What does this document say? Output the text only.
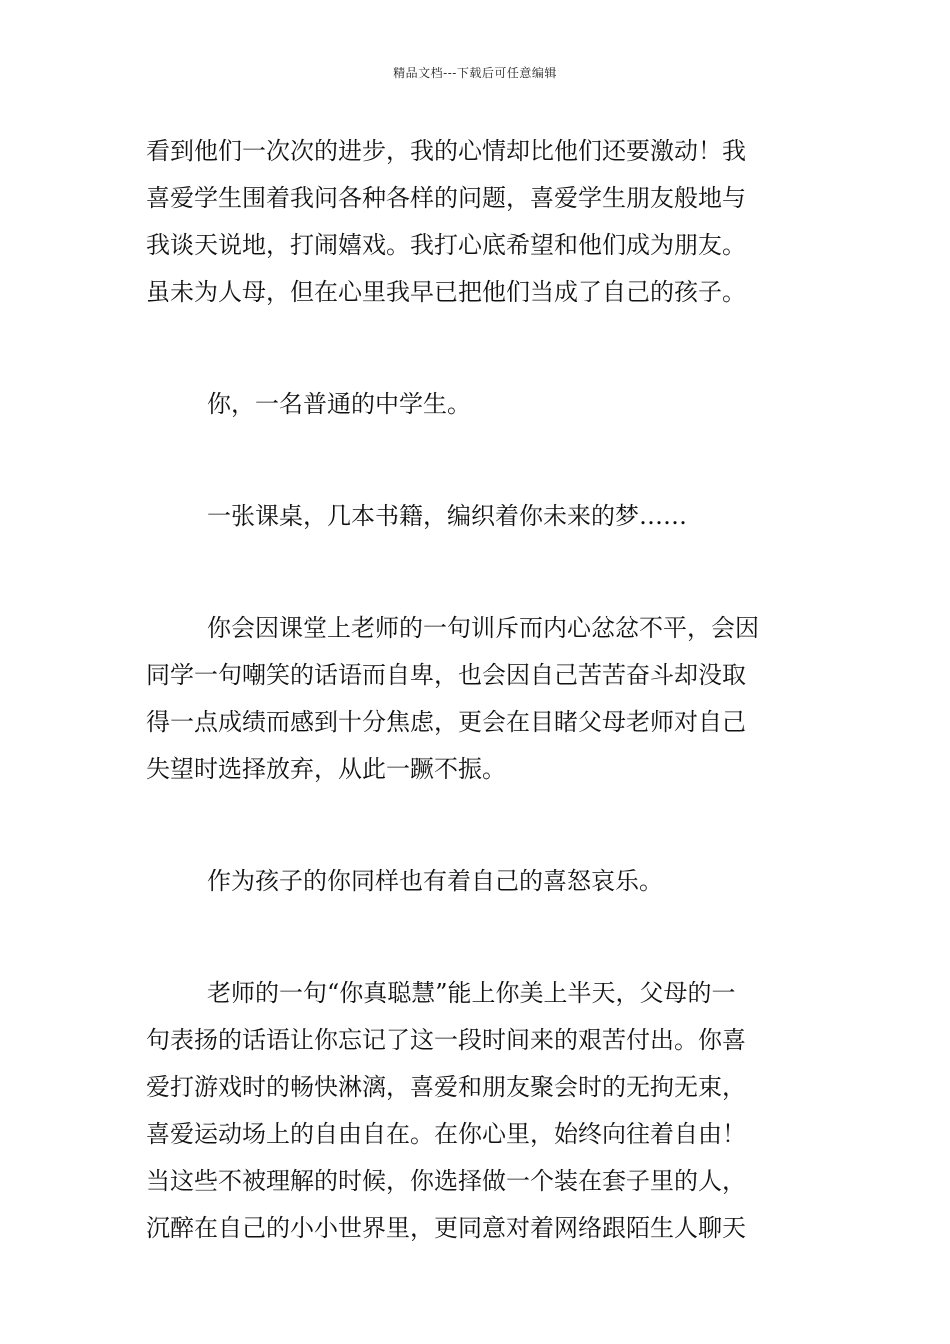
精品文档---下载后可任意编辑
看到他们一次次的进步，我的心情却比他们还要激动！我
喜爱学生围着我问各种各样的问题，喜爱学生朋友般地与
我谈天说地，打闹嬉戏。我打心底希望和他们成为朋友。
虽未为人母，但在心里我早已把他们当成了自己的孩子。
你，一名普通的中学生。
一张课桌，几本书籍，编织着你未来的梦……
你会因课堂上老师的一句训斥而内心忿忿不平，会因
同学一句嘲笑的话语而自卑，也会因自己苦苦奋斗却没取
得一点成绩而感到十分焦虑，更会在目睹父母老师对自己
失望时选择放弃，从此一蹶不振。
作为孩子的你同样也有着自己的喜怒哀乐。
老师的一句“你真聪慧”能上你美上半天，父母的一
句表扬的话语让你忘记了这一段时间来的艰苦付出。你喜
爱打游戏时的畅快淋漓，喜爱和朋友聚会时的无拘无束，
喜爱运动场上的自由自在。在你心里，始终向往着自由！
当这些不被理解的时候，你选择做一个装在套子里的人，
沉醉在自己的小小世界里，更同意对着网络跟陌生人聊天
